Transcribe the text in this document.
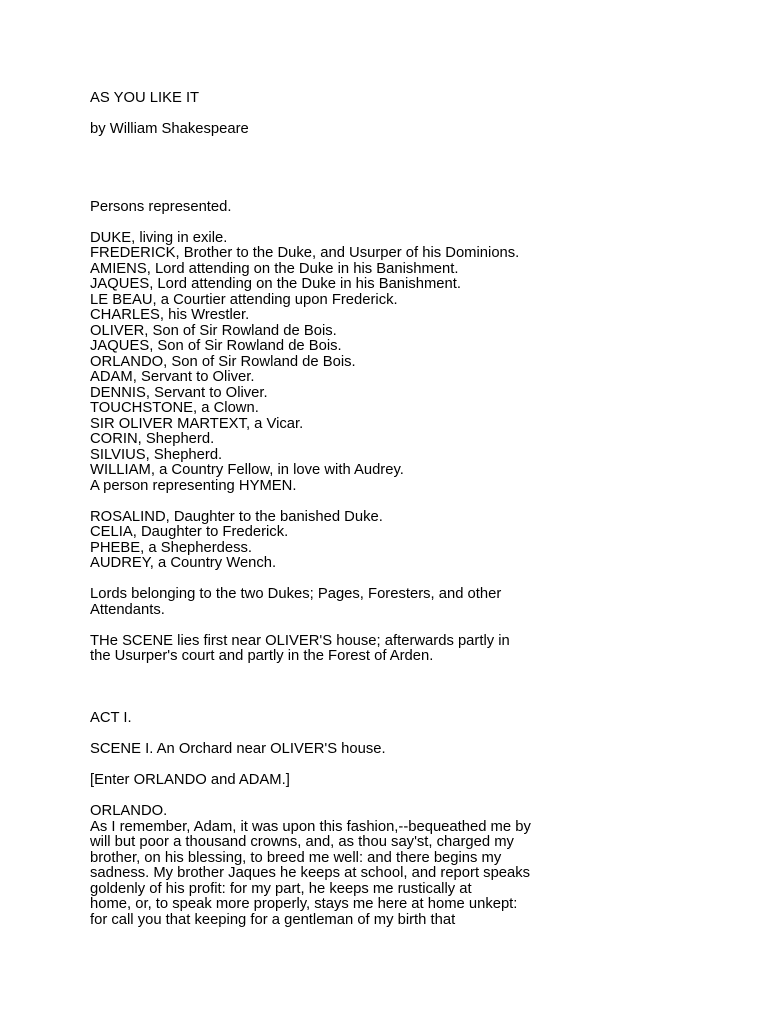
AS YOU LIKE IT
by William Shakespeare
Persons represented.
DUKE, living in exile.
FREDERICK, Brother to the Duke, and Usurper of his Dominions.
AMIENS, Lord attending on the Duke in his Banishment.
JAQUES, Lord attending on the Duke in his Banishment.
LE BEAU, a Courtier attending upon Frederick.
CHARLES, his Wrestler.
OLIVER, Son of Sir Rowland de Bois.
JAQUES, Son of Sir Rowland de Bois.
ORLANDO, Son of Sir Rowland de Bois.
ADAM, Servant to Oliver.
DENNIS, Servant to Oliver.
TOUCHSTONE, a Clown.
SIR OLIVER MARTEXT, a Vicar.
CORIN, Shepherd.
SILVIUS, Shepherd.
WILLIAM, a Country Fellow, in love with Audrey.
A person representing HYMEN.
ROSALIND, Daughter to the banished Duke.
CELIA, Daughter to Frederick.
PHEBE, a Shepherdess.
AUDREY, a Country Wench.
Lords belonging to the two Dukes; Pages, Foresters, and other
Attendants.
THe SCENE lies first near OLIVER'S house; afterwards partly in
the Usurper's court and partly in the Forest of Arden.
ACT I.
SCENE I. An Orchard near OLIVER'S house.
[Enter ORLANDO and ADAM.]
ORLANDO.
As I remember, Adam, it was upon this fashion,--bequeathed me by
will but poor a thousand crowns, and, as thou say'st, charged my
brother, on his blessing, to breed me well: and there begins my
sadness. My brother Jaques he keeps at school, and report speaks
goldenly of his profit: for my part, he keeps me rustically at
home, or, to speak more properly, stays me here at home unkept:
for call you that keeping for a gentleman of my birth that
